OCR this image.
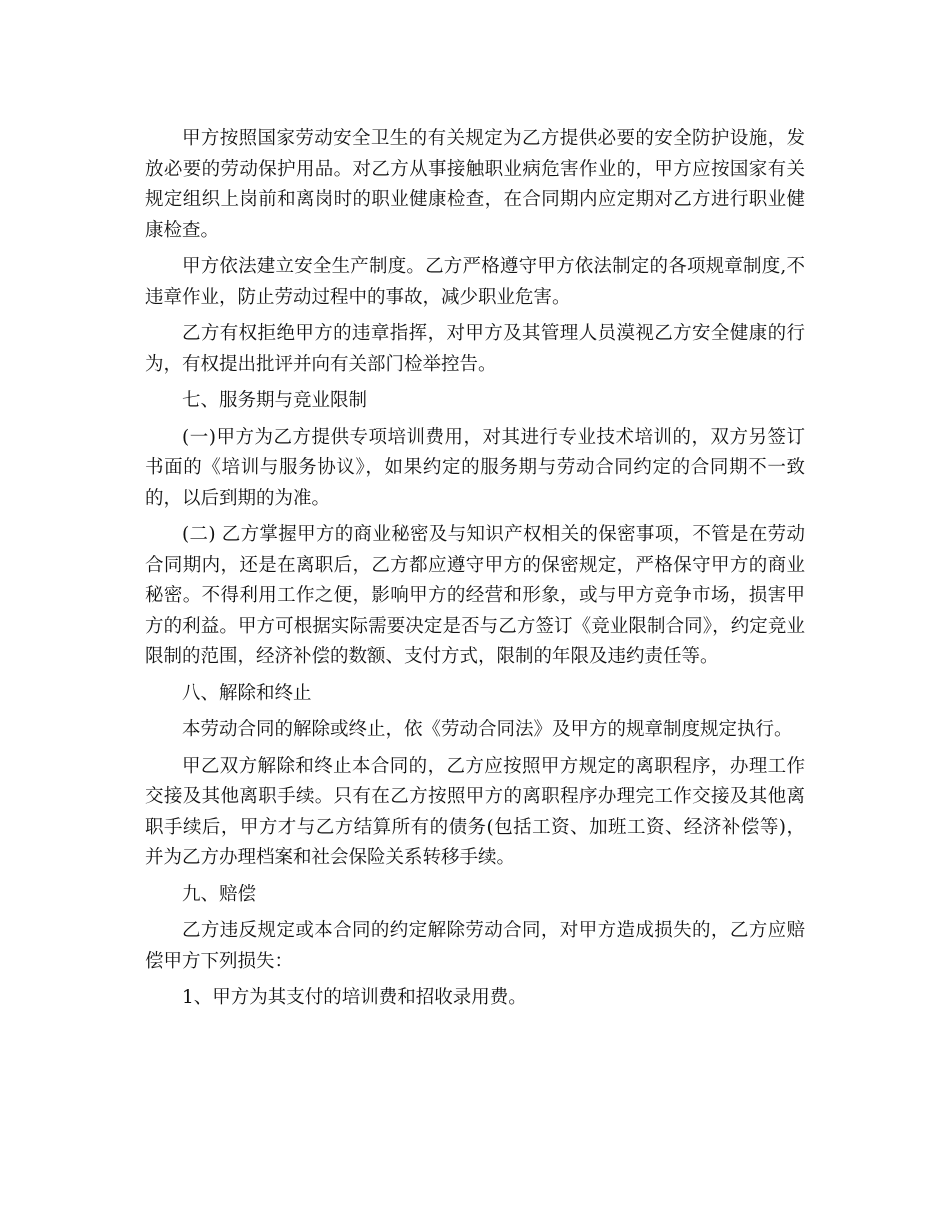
甲方按照国家劳动安全卫生的有关规定为乙方提供必要的安全防护设施，发放必要的劳动保护用品。对乙方从事接触职业病危害作业的，甲方应按国家有关规定组织上岗前和离岗时的职业健康检查，在合同期内应定期对乙方进行职业健康检查。

甲方依法建立安全生产制度。乙方严格遵守甲方依法制定的各项规章制度,不违章作业，防止劳动过程中的事故，减少职业危害。

乙方有权拒绝甲方的违章指挥，对甲方及其管理人员漠视乙方安全健康的行为，有权提出批评并向有关部门检举控告。

七、服务期与竞业限制

(一)甲方为乙方提供专项培训费用，对其进行专业技术培训的，双方另签订书面的《培训与服务协议》，如果约定的服务期与劳动合同约定的合同期不一致的，以后到期的为准。

(二) 乙方掌握甲方的商业秘密及与知识产权相关的保密事项，不管是在劳动合同期内，还是在离职后，乙方都应遵守甲方的保密规定，严格保守甲方的商业秘密。不得利用工作之便，影响甲方的经营和形象，或与甲方竞争市场，损害甲方的利益。甲方可根据实际需要决定是否与乙方签订《竞业限制合同》，约定竞业限制的范围，经济补偿的数额、支付方式，限制的年限及违约责任等。

八、解除和终止

本劳动合同的解除或终止，依《劳动合同法》及甲方的规章制度规定执行。

甲乙双方解除和终止本合同的，乙方应按照甲方规定的离职程序，办理工作交接及其他离职手续。只有在乙方按照甲方的离职程序办理完工作交接及其他离职手续后，甲方才与乙方结算所有的债务(包括工资、加班工资、经济补偿等)，并为乙方办理档案和社会保险关系转移手续。

九、赔偿

乙方违反规定或本合同的约定解除劳动合同，对甲方造成损失的，乙方应赔偿甲方下列损失：

1、甲方为其支付的培训费和招收录用费。
